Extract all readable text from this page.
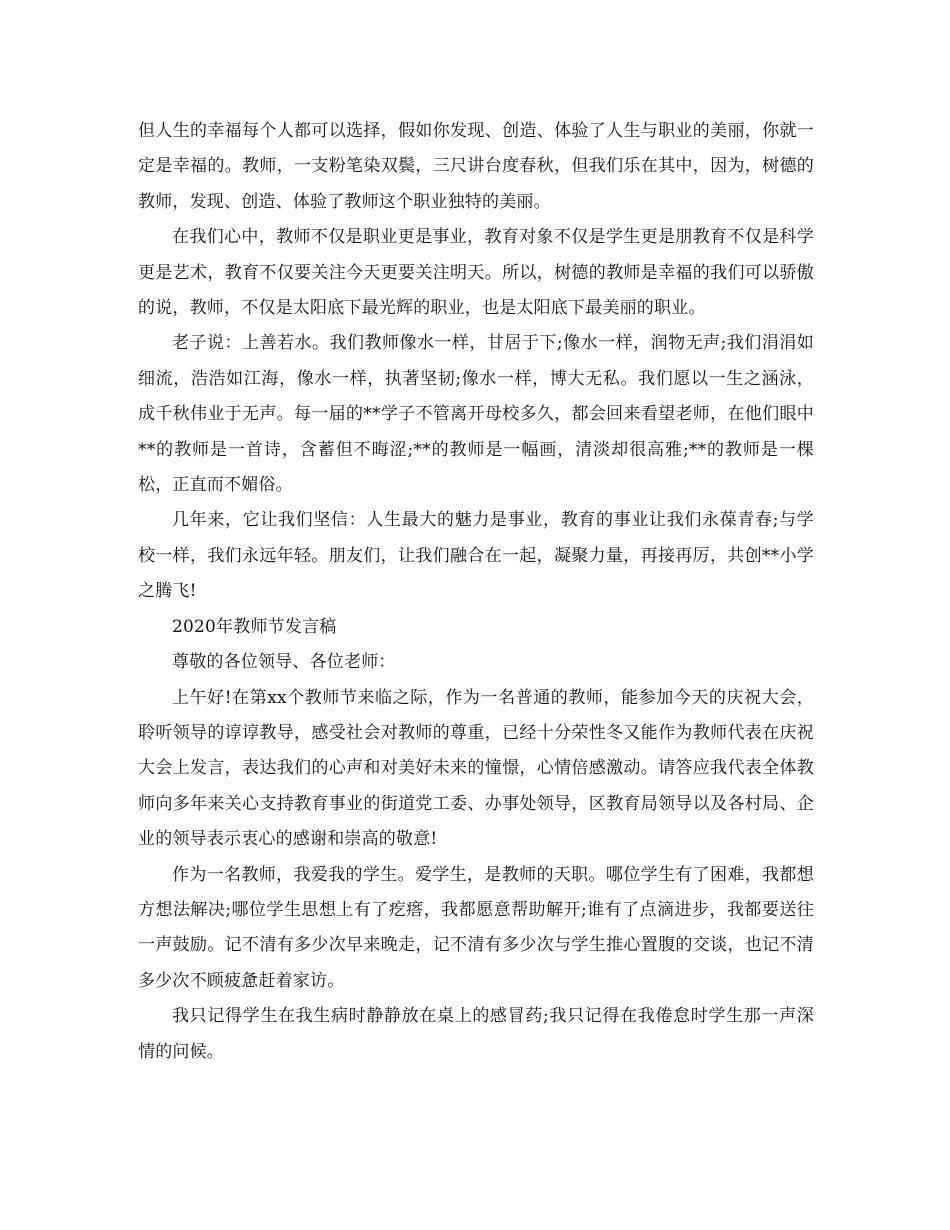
但人生的幸福每个人都可以选择，假如你发现、创造、体验了人生与职业的美丽，你就一定是幸福的。教师，一支粉笔染双鬓，三尺讲台度春秋，但我们乐在其中，因为，树德的教师，发现、创造、体验了教师这个职业独特的美丽。

在我们心中，教师不仅是职业更是事业，教育对象不仅是学生更是朋教育不仅是科学更是艺术，教育不仅要关注今天更要关注明天。所以，树德的教师是幸福的我们可以骄傲的说，教师，不仅是太阳底下最光辉的职业，也是太阳底下最美丽的职业。

老子说：上善若水。我们教师像水一样，甘居于下;像水一样，润物无声;我们涓涓如细流，浩浩如江海，像水一样，执著坚韧;像水一样，博大无私。我们愿以一生之涵泳，成千秋伟业于无声。每一届的**学子不管离开母校多久，都会回来看望老师，在他们眼中**的教师是一首诗，含蓄但不晦涩;**的教师是一幅画，清淡却很高雅;**的教师是一棵松，正直而不媚俗。

几年来，它让我们坚信：人生最大的魅力是事业，教育的事业让我们永葆青春;与学校一样，我们永远年轻。朋友们，让我们融合在一起，凝聚力量，再接再厉，共创**小学之腾飞!

2020年教师节发言稿

尊敬的各位领导、各位老师：

上午好!在第xx个教师节来临之际，作为一名普通的教师，能参加今天的庆祝大会，聆听领导的谆谆教导，感受社会对教师的尊重，已经十分荣性冬又能作为教师代表在庆祝大会上发言，表达我们的心声和对美好未来的憧憬，心情倍感激动。请答应我代表全体教师向多年来关心支持教育事业的街道党工委、办事处领导，区教育局领导以及各村局、企业的领导表示衷心的感谢和崇高的敬意!

作为一名教师，我爱我的学生。爱学生，是教师的天职。哪位学生有了困难，我都想方想法解决;哪位学生思想上有了疙瘩，我都愿意帮助解开;谁有了点滴进步，我都要送往一声鼓励。记不清有多少次早来晚走，记不清有多少次与学生推心置腹的交谈，也记不清多少次不顾疲惫赶着家访。

我只记得学生在我生病时静静放在桌上的感冒药;我只记得在我倦怠时学生那一声深情的问候。
